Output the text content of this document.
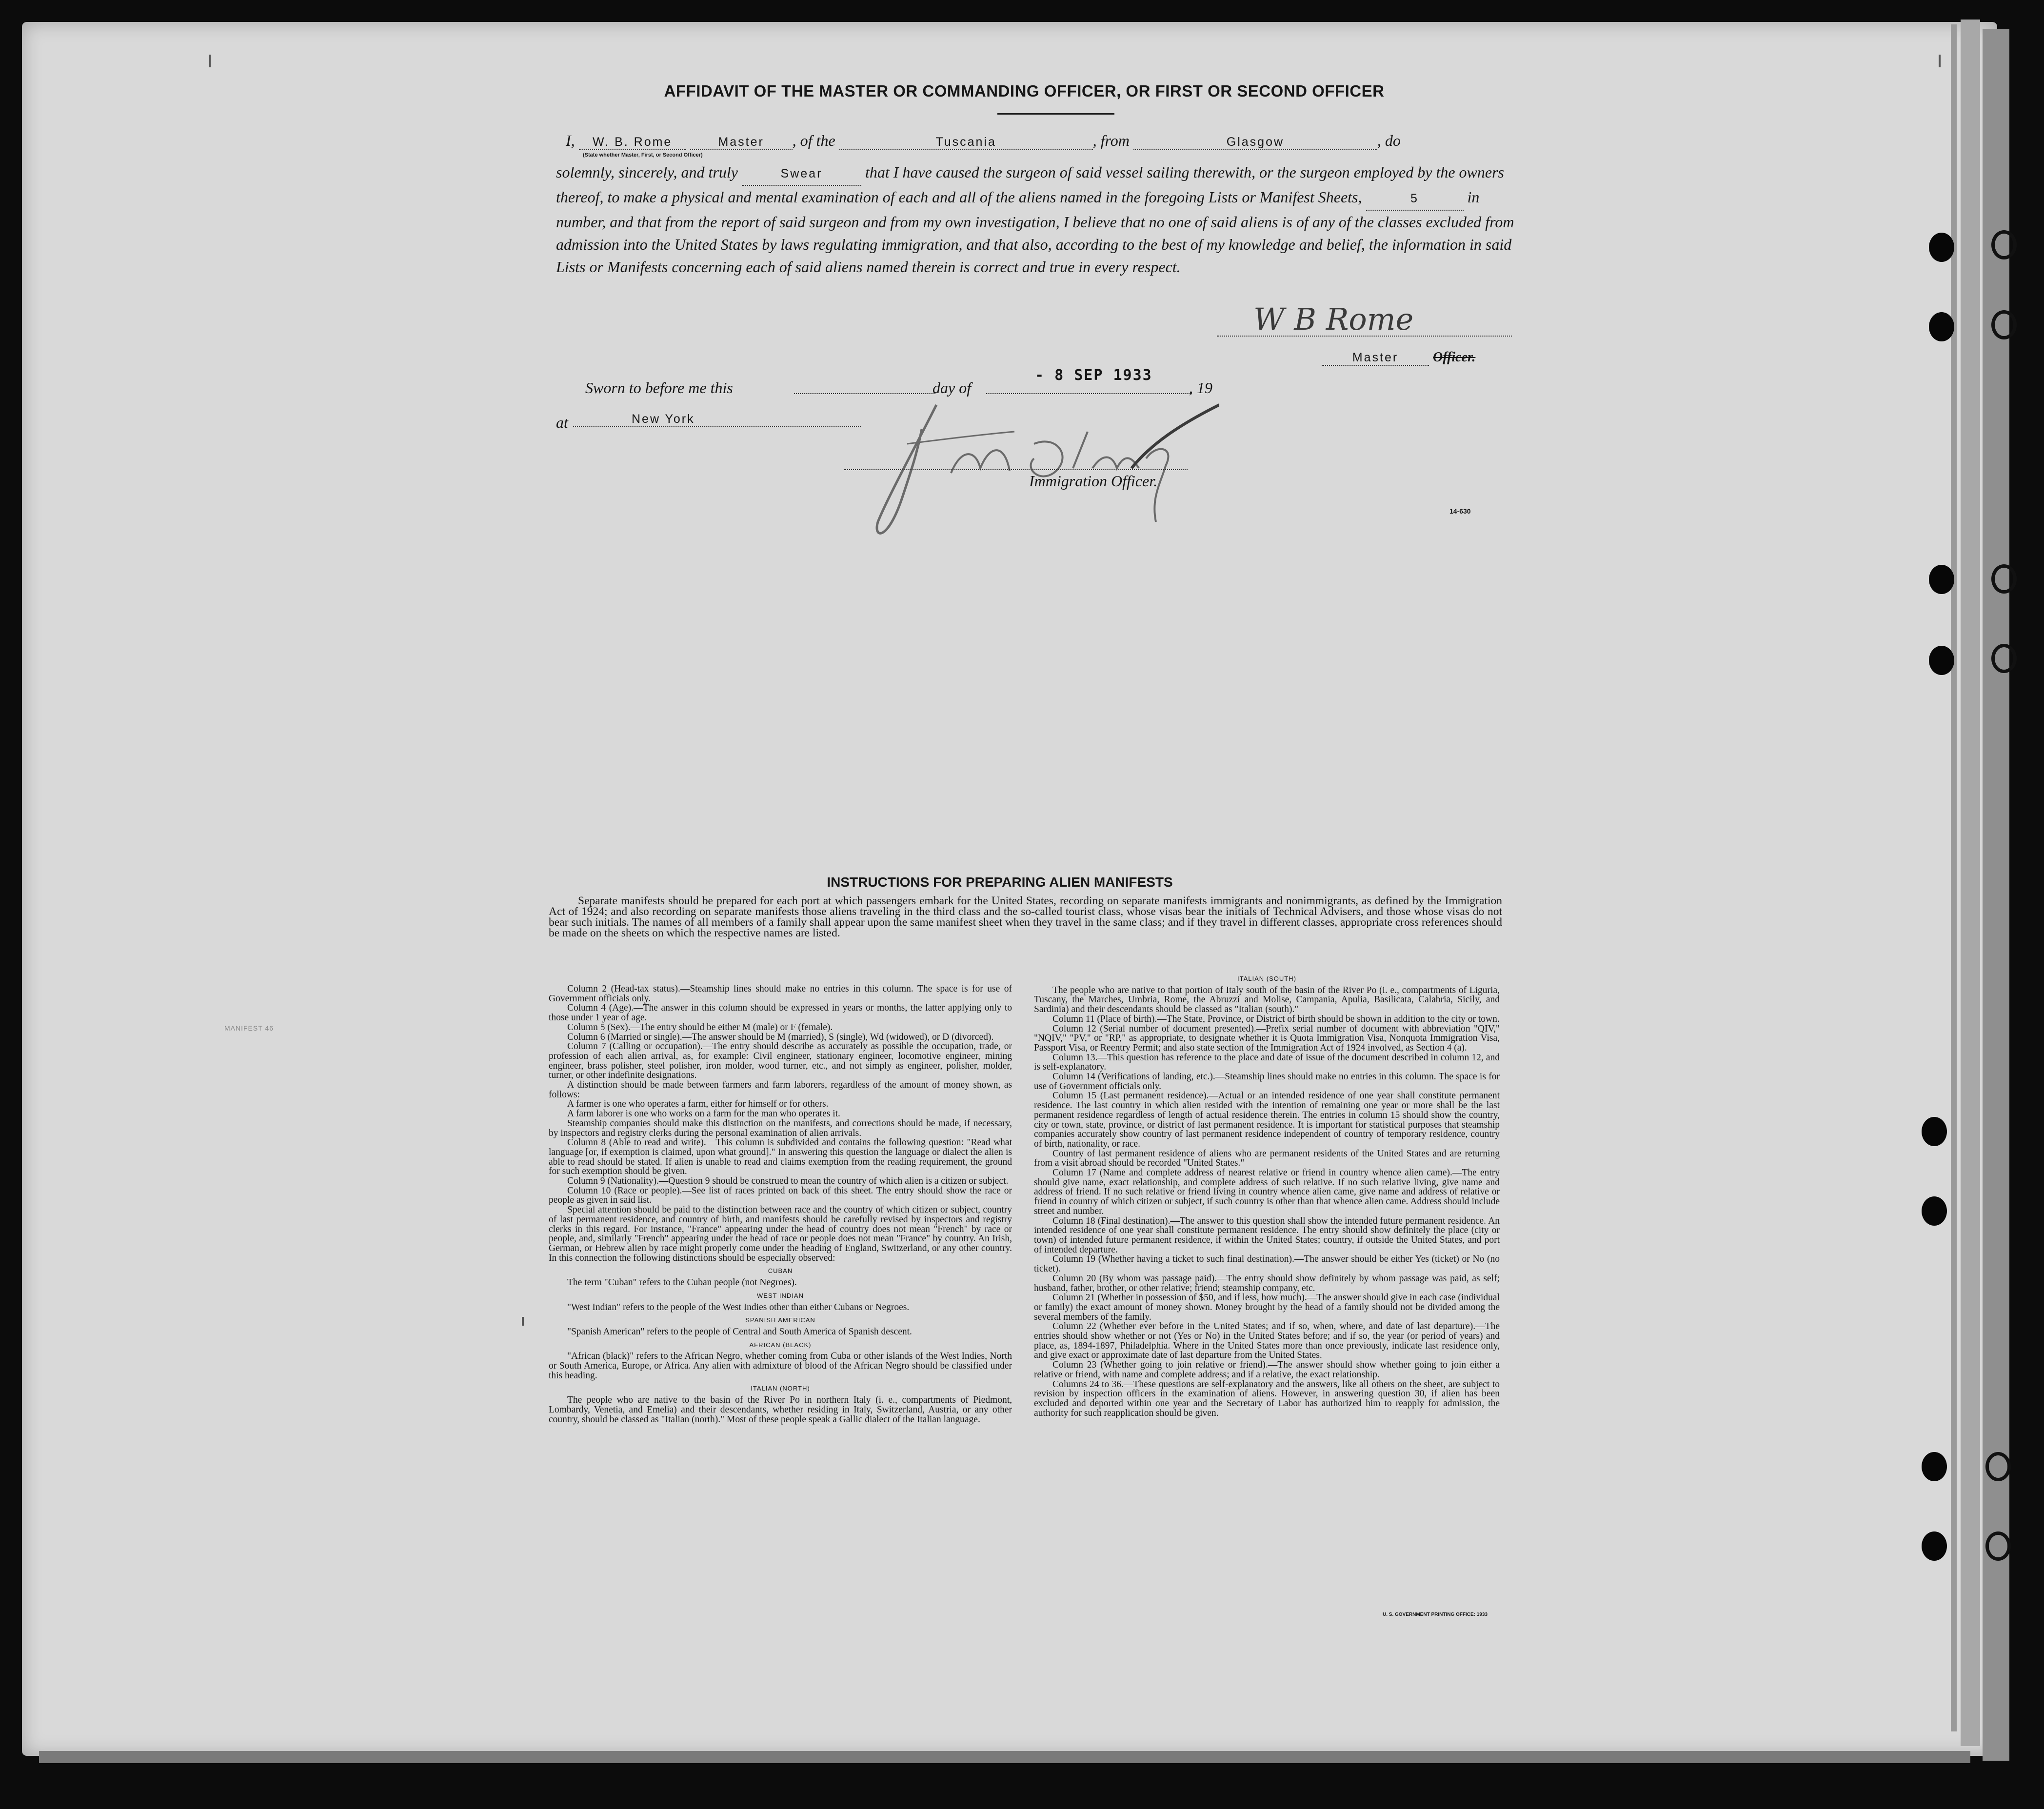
AFFIDAVIT OF THE MASTER OR COMMANDING OFFICER, OR FIRST OR SECOND OFFICER
I, W. B. Rome	Master , of the	Tuscania	, from	Glasgow	, do
(State whether Master, First, or Second Officer)
solemnly, sincerely, and truly	Swear	that I have caused the surgeon of said vessel sailing therewith, or the surgeon employed by the owners thereof, to make a physical and mental examination of each and all of the aliens named in the foregoing Lists or Manifest Sheets,	5	in number, and that from the report of said surgeon and from my own investigation, I believe that no one of said aliens is of any of the classes excluded from admission into the United States by laws regulating immigration, and that also, according to the best of my knowledge and belief, the information in said Lists or Manifests concerning each of said aliens named therein is correct and true in every respect.
W B Rome
Master	Officer.
Sworn to before me this	day of
- 8 SEP 1933
, 19
at	New York
Immigration Officer.
14-630
MANIFEST 46
INSTRUCTIONS FOR PREPARING ALIEN MANIFESTS
Separate manifests should be prepared for each port at which passengers embark for the United States, recording on separate manifests immigrants and nonimmigrants, as defined by the Immigration Act of 1924; and also recording on separate manifests those aliens traveling in the third class and the so-called tourist class, whose visas bear the initials of Technical Advisers, and those whose visas do not bear such initials. The names of all members of a family shall appear upon the same manifest sheet when they travel in the same class; and if they travel in different classes, appropriate cross references should be made on the sheets on which the respective names are listed.

Column 2 (Head-tax status).—Steamship lines should make no entries in this column. The space is for use of Government officials only.

Column 4 (Age).—The answer in this column should be expressed in years or months, the latter applying only to those under 1 year of age.

Column 5 (Sex).—The entry should be either M (male) or F (female).

Column 6 (Married or single).—The answer should be M (married), S (single), Wd (widowed), or D (divorced).

Column 7 (Calling or occupation).—The entry should describe as accurately as possible the occupation, trade, or profession of each alien arrival, as, for example: Civil engineer, stationary engineer, locomotive engineer, mining engineer, brass polisher, steel polisher, iron molder, wood turner, etc., and not simply as engineer, polisher, molder, turner, or other indefinite designations.

A distinction should be made between farmers and farm laborers, regardless of the amount of money shown, as follows:

A farmer is one who operates a farm, either for himself or for others.

A farm laborer is one who works on a farm for the man who operates it.

Steamship companies should make this distinction on the manifests, and corrections should be made, if necessary, by inspectors and registry clerks during the personal examination of alien arrivals.

Column 8 (Able to read and write).—This column is subdivided and contains the following question: "Read what language [or, if exemption is claimed, upon what ground]." In answering this question the language or dialect the alien is able to read should be stated. If alien is unable to read and claims exemption from the reading requirement, the ground for such exemption should be given.

Column 9 (Nationality).—Question 9 should be construed to mean the country of which alien is a citizen or subject.

Column 10 (Race or people).—See list of races printed on back of this sheet. The entry should show the race or people as given in said list.

Special attention should be paid to the distinction between race and the country of which citizen or subject, country of last permanent residence, and country of birth, and manifests should be carefully revised by inspectors and registry clerks in this regard. For instance, "France" appearing under the head of country does not mean "French" by race or people, and, similarly "French" appearing under the head of race or people does not mean "France" by country. An Irish, German, or Hebrew alien by race might properly come under the heading of England, Switzerland, or any other country. In this connection the following distinctions should be especially observed:

CUBAN

The term "Cuban" refers to the Cuban people (not Negroes).

WEST INDIAN

"West Indian" refers to the people of the West Indies other than either Cubans or Negroes.

SPANISH AMERICAN

"Spanish American" refers to the people of Central and South America of Spanish descent.

AFRICAN (BLACK)

"African (black)" refers to the African Negro, whether coming from Cuba or other islands of the West Indies, North or South America, Europe, or Africa. Any alien with admixture of blood of the African Negro should be classified under this heading.

ITALIAN (NORTH)

The people who are native to the basin of the River Po in northern Italy (i. e., compartments of Piedmont, Lombardy, Venetia, and Emelia) and their descendants, whether residing in Italy, Switzerland, Austria, or any other country, should be classed as "Italian (north)." Most of these people speak a Gallic dialect of the Italian language.

ITALIAN (SOUTH)

The people who are native to that portion of Italy south of the basin of the River Po (i. e., compartments of Liguria, Tuscany, the Marches, Umbria, Rome, the Abruzzi and Molise, Campania, Apulia, Basilicata, Calabria, Sicily, and Sardinia) and their descendants should be classed as "Italian (south)."

Column 11 (Place of birth).—The State, Province, or District of birth should be shown in addition to the city or town.

Column 12 (Serial number of document presented).—Prefix serial number of document with abbreviation "QIV," "NQIV," "PV," or "RP," as appropriate, to designate whether it is Quota Immigration Visa, Nonquota Immigration Visa, Passport Visa, or Reentry Permit; and also state section of the Immigration Act of 1924 involved, as Section 4 (a).

Column 13.—This question has reference to the place and date of issue of the document described in column 12, and is self-explanatory.

Column 14 (Verifications of landing, etc.).—Steamship lines should make no entries in this column. The space is for use of Government officials only.

Column 15 (Last permanent residence).—Actual or an intended residence of one year shall constitute permanent residence. The last country in which alien resided with the intention of remaining one year or more shall be the last permanent residence regardless of length of actual residence therein. The entries in column 15 should show the country, city or town, state, province, or district of last permanent residence. It is important for statistical purposes that steamship companies accurately show country of last permanent residence independent of country of temporary residence, country of birth, nationality, or race.

Country of last permanent residence of aliens who are permanent residents of the United States and are returning from a visit abroad should be recorded "United States."

Column 17 (Name and complete address of nearest relative or friend in country whence alien came).—The entry should give name, exact relationship, and complete address of such relative. If no such relative living, give name and address of friend. If no such relative or friend living in country whence alien came, give name and address of relative or friend in country of which citizen or subject, if such country is other than that whence alien came. Address should include street and number.

Column 18 (Final destination).—The answer to this question shall show the intended future permanent residence. An intended residence of one year shall constitute permanent residence. The entry should show definitely the place (city or town) of intended future permanent residence, if within the United States; country, if outside the United States, and port of intended departure.

Column 19 (Whether having a ticket to such final destination).—The answer should be either Yes (ticket) or No (no ticket).

Column 20 (By whom was passage paid).—The entry should show definitely by whom passage was paid, as self; husband, father, brother, or other relative; friend; steamship company, etc.

Column 21 (Whether in possession of $50, and if less, how much).—The answer should give in each case (individual or family) the exact amount of money shown. Money brought by the head of a family should not be divided among the several members of the family.

Column 22 (Whether ever before in the United States; and if so, when, where, and date of last departure).—The entries should show whether or not (Yes or No) in the United States before; and if so, the year (or period of years) and place, as, 1894-1897, Philadelphia. Where in the United States more than once previously, indicate last residence only, and give exact or approximate date of last departure from the United States.

Column 23 (Whether going to join relative or friend).—The answer should show whether going to join either a relative or friend, with name and complete address; and if a relative, the exact relationship.

Columns 24 to 36.—These questions are self-explanatory and the answers, like all others on the sheet, are subject to revision by inspection officers in the examination of aliens. However, in answering question 30, if alien has been excluded and deported within one year and the Secretary of Labor has authorized him to reapply for admission, the authority for such reapplication should be given.

U. S. GOVERNMENT PRINTING OFFICE: 1933
